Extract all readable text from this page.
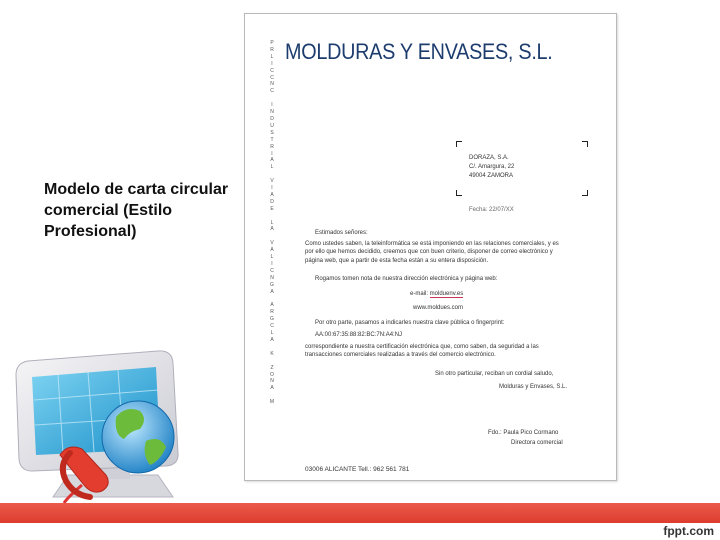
Modelo de carta circular comercial (Estilo Profesional)
P
R
L
I
C
C
N
C

I
N
D
U
S
T
R
I
A
L

V
I
A
D
E

L
A

V
A
L
I
C
N
G
A

A
R
G
C
L
A

K

Z
O
N
A

M
MOLDURAS Y ENVASES, S.L.
DORAZA, S.A.
C/. Amargura, 22
49004 ZAMORA
Fecha: 22/07/XX
Estimados señores:
Como ustedes saben, la teleinformática se está imponiendo en las relaciones comerciales, y es por ello que hemos decidido, creemos que con buen criterio, disponer de correo electrónico y página web, que a partir de esta fecha están a su entera disposición.
Rogamos tomen nota de nuestra dirección electrónica y página web:
e-mail: molduenv.es
www.moldues.com
Por otro parte, pasamos a indicarles nuestra clave pública o fingerprint:
AA:00:67:35:88:82:BC:7N:A4:NJ
correspondiente a nuestra certificación electrónica que, como saben, da seguridad a las transacciones comerciales realizadas a través del comercio electrónico.
Sin otro particular, reciban un cordial saludo,
Molduras y Envases, S.L.
Fdo.: Paula Pico Cormano
Directora comercial
03006 ALICANTE Tell.: 962 561 781
fppt.com
